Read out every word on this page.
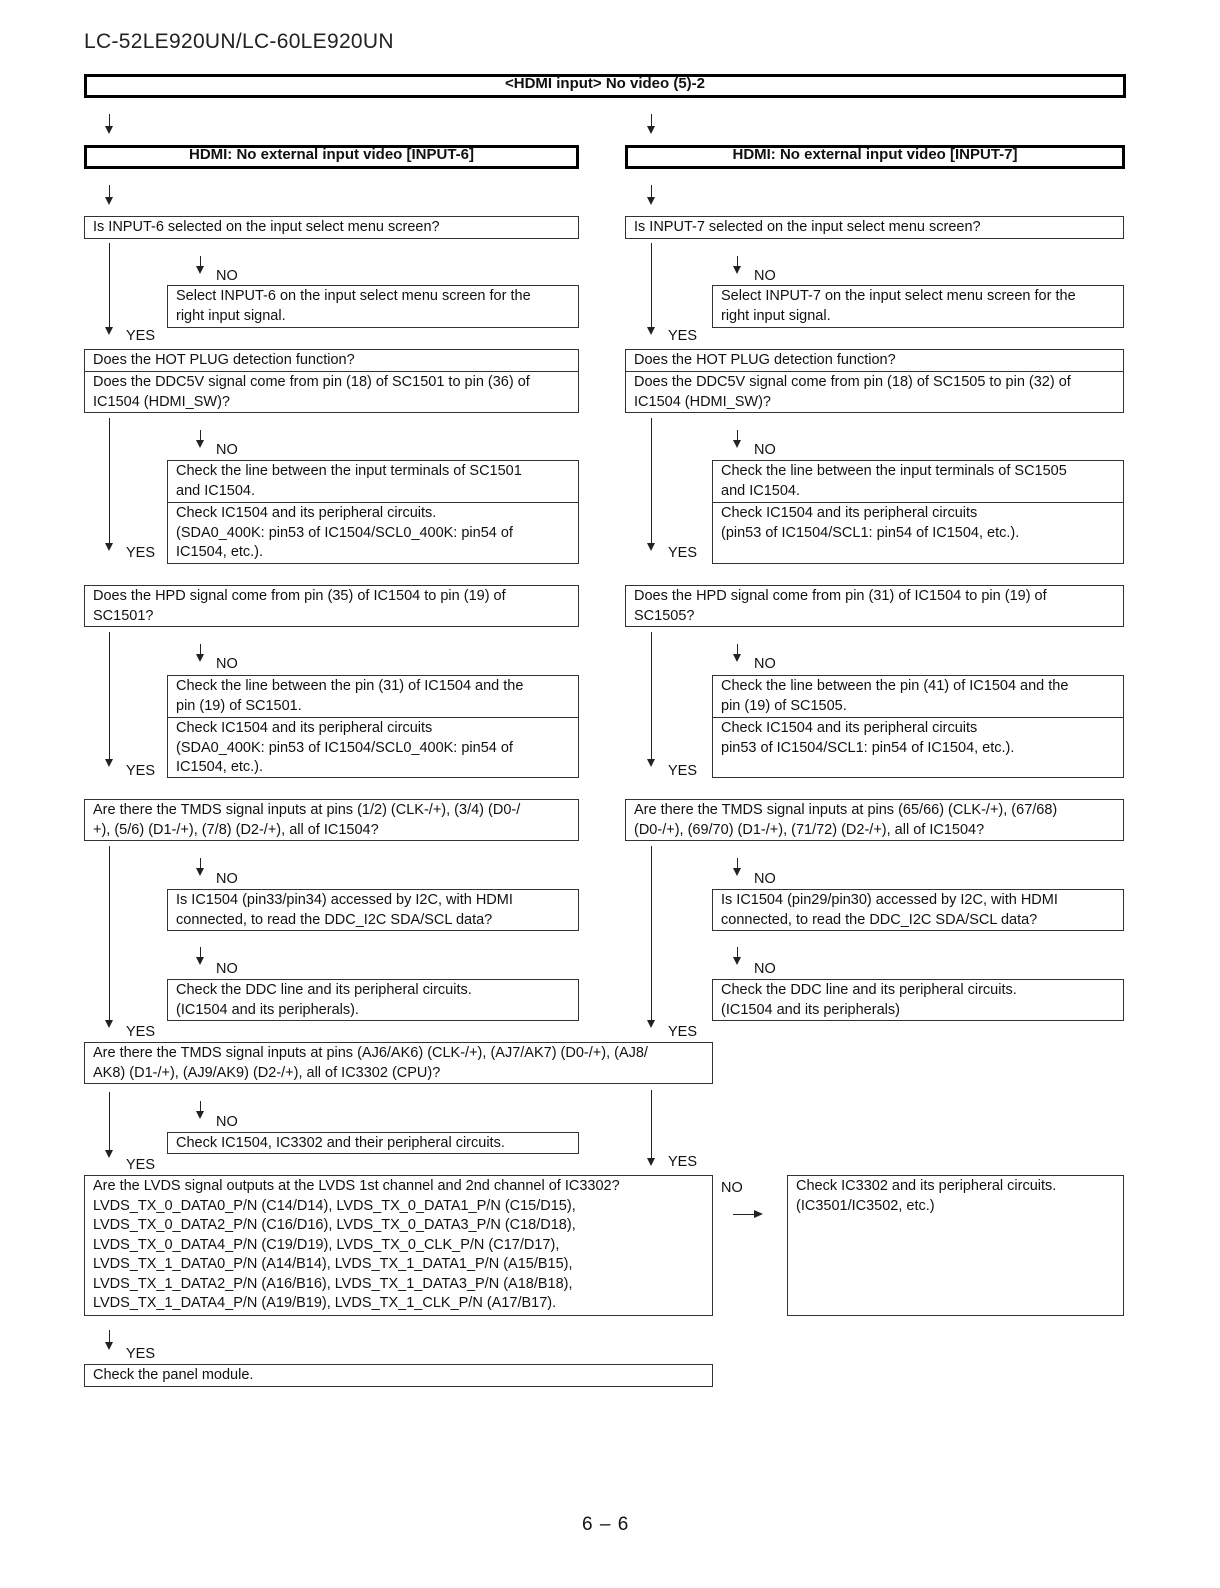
LC-52LE920UN/LC-60LE920UN
<HDMI input> No video (5)-2
HDMI: No external input video [INPUT-6]	HDMI: No external input video [INPUT-7]
Is INPUT-6 selected on the input select menu screen?
YES
NO
Select INPUT-6 on the input select menu screen for the
right input signal.
Does the HOT PLUG detection function?
Does the DDC5V signal come from pin (18) of SC1501 to pin (36) of
IC1504 (HDMI_SW)?
YES
NO
Check the line between the input terminals of SC1501
and IC1504.
Check IC1504 and its peripheral circuits.
(SDA0_400K: pin53 of IC1504/SCL0_400K: pin54 of
IC1504, etc.).
Does the HPD signal come from pin (35) of IC1504 to pin (19) of
SC1501?
YES
NO
Check the line between the pin (31) of IC1504 and the
pin (19) of SC1501.
Check IC1504 and its peripheral circuits
(SDA0_400K: pin53 of IC1504/SCL0_400K: pin54 of
IC1504, etc.).
Are there the TMDS signal inputs at pins (1/2) (CLK-/+), (3/4) (D0-/
+), (5/6) (D1-/+), (7/8) (D2-/+), all of IC1504?
YES
NO
Is IC1504 (pin33/pin34) accessed by I2C, with HDMI
connected, to read the DDC_I2C SDA/SCL data?
NO
Check the DDC line and its peripheral circuits.
(IC1504 and its peripherals).
Is INPUT-7 selected on the input select menu screen?
YES
NO
Select INPUT-7 on the input select menu screen for the
right input signal.
Does the HOT PLUG detection function?
Does the DDC5V signal come from pin (18) of SC1505 to pin (32) of
IC1504 (HDMI_SW)?
YES
NO
Check the line between the input terminals of SC1505
and IC1504.
Check IC1504 and its peripheral circuits
(pin53 of IC1504/SCL1: pin54 of IC1504, etc.).
Does the HPD signal come from pin (31) of IC1504 to pin (19) of
SC1505?
YES
NO
Check the line between the pin (41) of IC1504 and the
pin (19) of SC1505.
Check IC1504 and its peripheral circuits
pin53 of IC1504/SCL1: pin54 of IC1504, etc.).
Are there the TMDS signal inputs at pins (65/66) (CLK-/+), (67/68)
(D0-/+), (69/70) (D1-/+), (71/72) (D2-/+), all of IC1504?
YES
NO
Is IC1504 (pin29/pin30) accessed by I2C, with HDMI
connected, to read the DDC_I2C SDA/SCL data?
NO
Check the DDC line and its peripheral circuits.
(IC1504 and its peripherals)
Are there the TMDS signal inputs at pins (AJ6/AK6) (CLK-/+), (AJ7/AK7) (D0-/+), (AJ8/
AK8) (D1-/+), (AJ9/AK9) (D2-/+), all of IC3302 (CPU)?
YES
NO
Check IC1504, IC3302 and their peripheral circuits.
YES
Are the LVDS signal outputs at the LVDS 1st channel and 2nd channel of IC3302?
LVDS_TX_0_DATA0_P/N (C14/D14), LVDS_TX_0_DATA1_P/N (C15/D15),
LVDS_TX_0_DATA2_P/N (C16/D16), LVDS_TX_0_DATA3_P/N (C18/D18),
LVDS_TX_0_DATA4_P/N (C19/D19), LVDS_TX_0_CLK_P/N (C17/D17),
LVDS_TX_1_DATA0_P/N (A14/B14), LVDS_TX_1_DATA1_P/N (A15/B15),
LVDS_TX_1_DATA2_P/N (A16/B16), LVDS_TX_1_DATA3_P/N (A18/B18),
LVDS_TX_1_DATA4_P/N (A19/B19), LVDS_TX_1_CLK_P/N (A17/B17).
NO	Check IC3302 and its peripheral circuits.
(IC3501/IC3502, etc.)
YES
Check the panel module.
6 – 6
